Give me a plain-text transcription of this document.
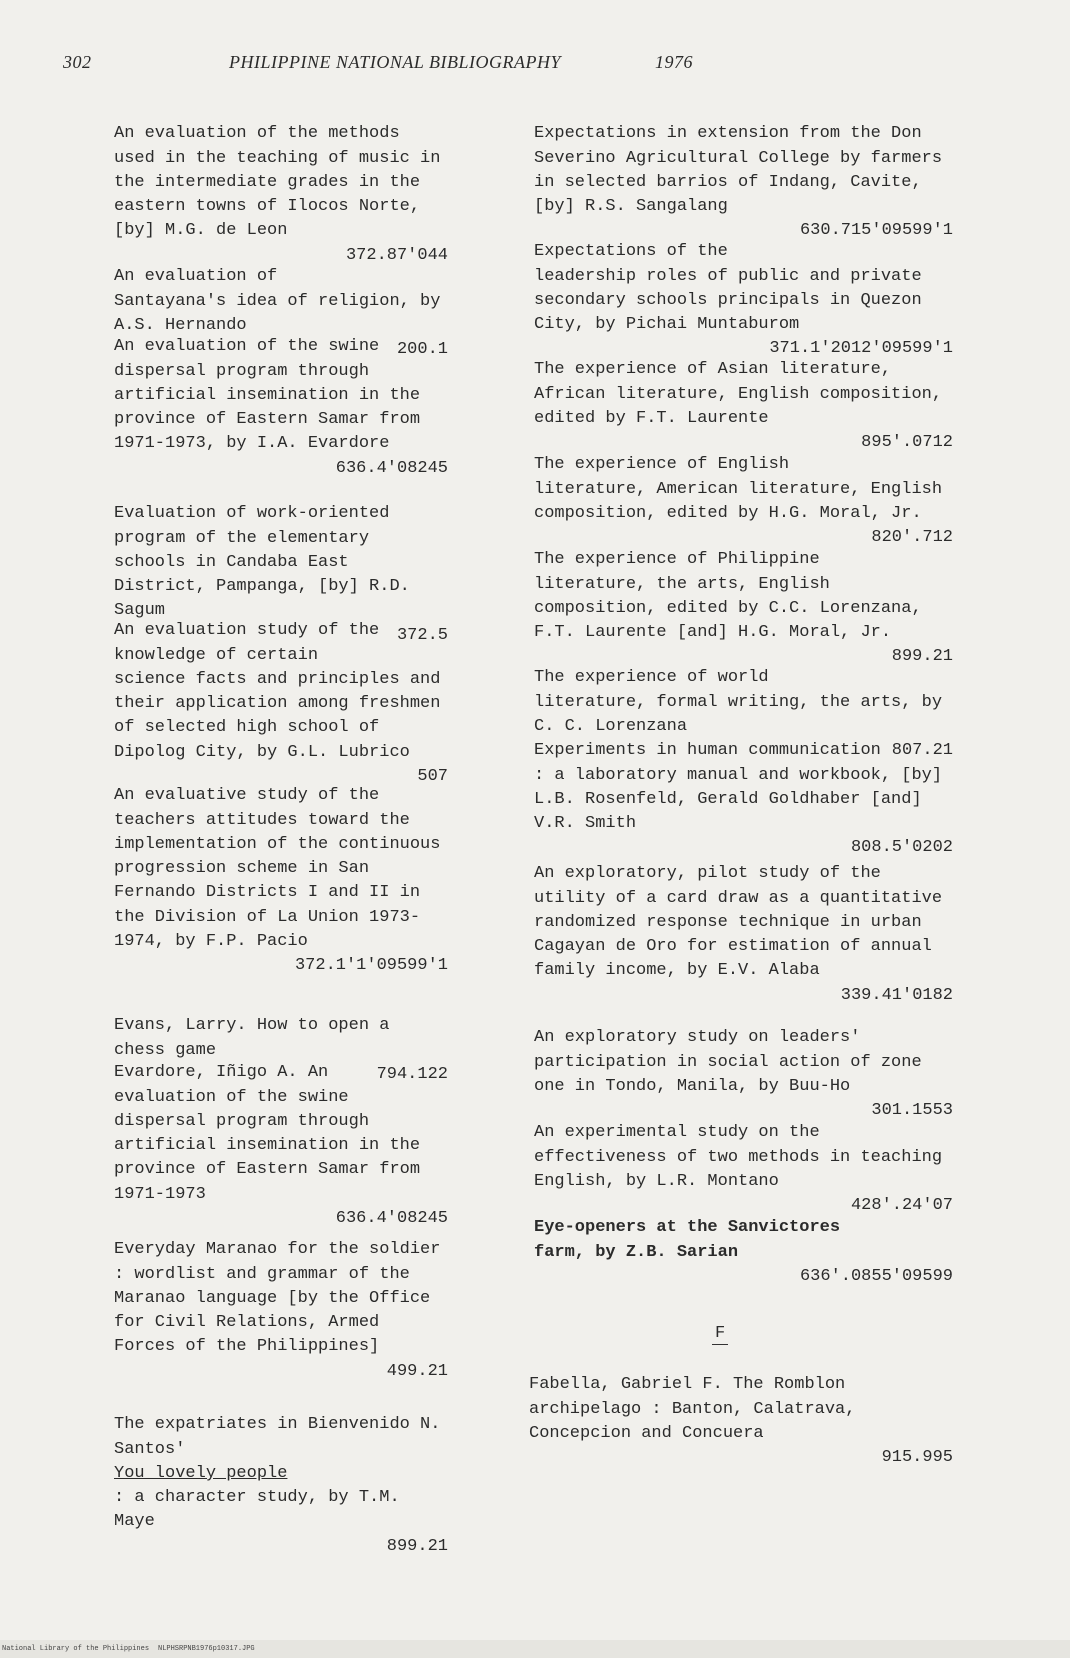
302	PHILIPPINE NATIONAL BIBLIOGRAPHY	1976

An evaluation of the methods used in the teaching of music in the intermediate grades in the eastern towns of Ilocos Norte, [by] M.G. de Leon

372.87'044

An evaluation of Santayana's idea of religion, by A.S. Hernando

200.1

An evaluation of the swine dispersal program through artificial insemination in the province of Eastern Samar from 1971-1973, by I.A. Evardore

636.4'08245

Evaluation of work-oriented program of the elementary schools in Candaba East District, Pampanga, [by] R.D. Sagum

372.5

An evaluation study of the knowledge of certain science facts and principles and their application among freshmen of selected high school of Dipolog City, by G.L. Lubrico

507

An evaluative study of the teachers attitudes toward the implementation of the continuous progression scheme in San Fernando Districts I and II in the Division of La Union 1973-1974, by F.P. Pacio

372.1'1'09599'1

Evans, Larry. How to open a chess game

794.122

Evardore, Iñigo A. An evaluation of the swine dispersal program through artificial insemination in the province of Eastern Samar from 1971-1973

636.4'08245

Everyday Maranao for the soldier : wordlist and grammar of the Maranao language [by the Office for Civil Relations, Armed Forces of the Philippines]

499.21

The expatriates in Bienvenido N. Santos'
You lovely people
: a character study, by T.M. Maye

899.21

Expectations in extension from the Don Severino Agricultural College by farmers in selected barrios of Indang, Cavite, [by] R.S. Sangalang

630.715'09599'1

Expectations of the leadership roles of public and private secondary schools principals in Quezon City, by Pichai Muntaburom

371.1'2012'09599'1

The experience of Asian literature, African literature, English composition, edited by F.T. Laurente

895'.0712

The experience of English literature, American literature, English composition, edited by H.G. Moral, Jr.

820'.712

The experience of Philippine literature, the arts, English composition, edited by C.C. Lorenzana, F.T. Laurente [and] H.G. Moral, Jr.

899.21

The experience of world literature, formal writing, the arts, by C. C. Lorenzana

807.21

Experiments in human communication : a laboratory manual and workbook, [by] L.B. Rosenfeld, Gerald Goldhaber [and] V.R. Smith

808.5'0202

An exploratory, pilot study of the utility of a card draw as a quantitative randomized response technique in urban Cagayan de Oro for estimation of annual family income, by E.V. Alaba

339.41'0182

An exploratory study on leaders' participation in social action of zone one in Tondo, Manila, by Buu-Ho

301.1553

An experimental study on the effectiveness of two methods in teaching English, by L.R. Montano

428'.24'07

Eye-openers at the Sanvictores farm, by Z.B. Sarian

636'.0855'09599

F

Fabella, Gabriel F. The Romblon archipelago : Banton, Calatrava, Concepcion and Concuera

915.995

National Library of the Philippines NLPHSRPNB1976p10317.JPG
